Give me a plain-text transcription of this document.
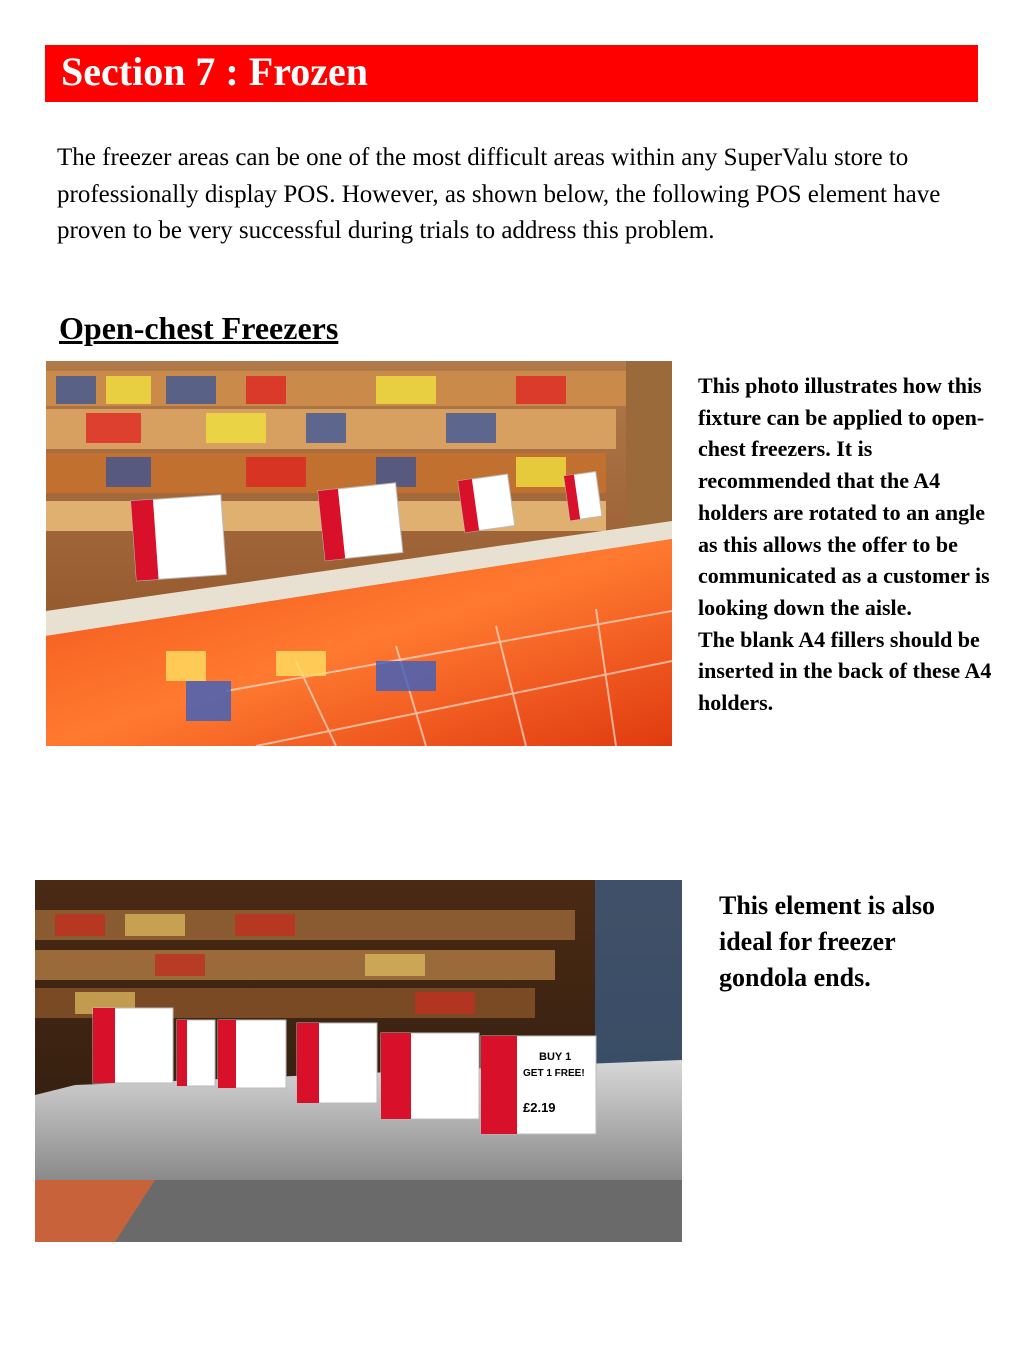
Section 7 : Frozen
The freezer areas can be one of the most difficult areas within any SuperValu store to professionally display POS. However, as shown below, the following POS element have proven to be very successful during trials to address this problem.
Open-chest Freezers
This photo illustrates how this fixture can be applied to open-chest freezers. It is recommended that the A4 holders are rotated to an angle as this allows the offer to be communicated as a customer is looking down the aisle.
The blank A4 fillers should be inserted in the back of these A4 holders.
BUY 1
GET 1 FREE!
£2.19
This element is also ideal for freezer gondola ends.
